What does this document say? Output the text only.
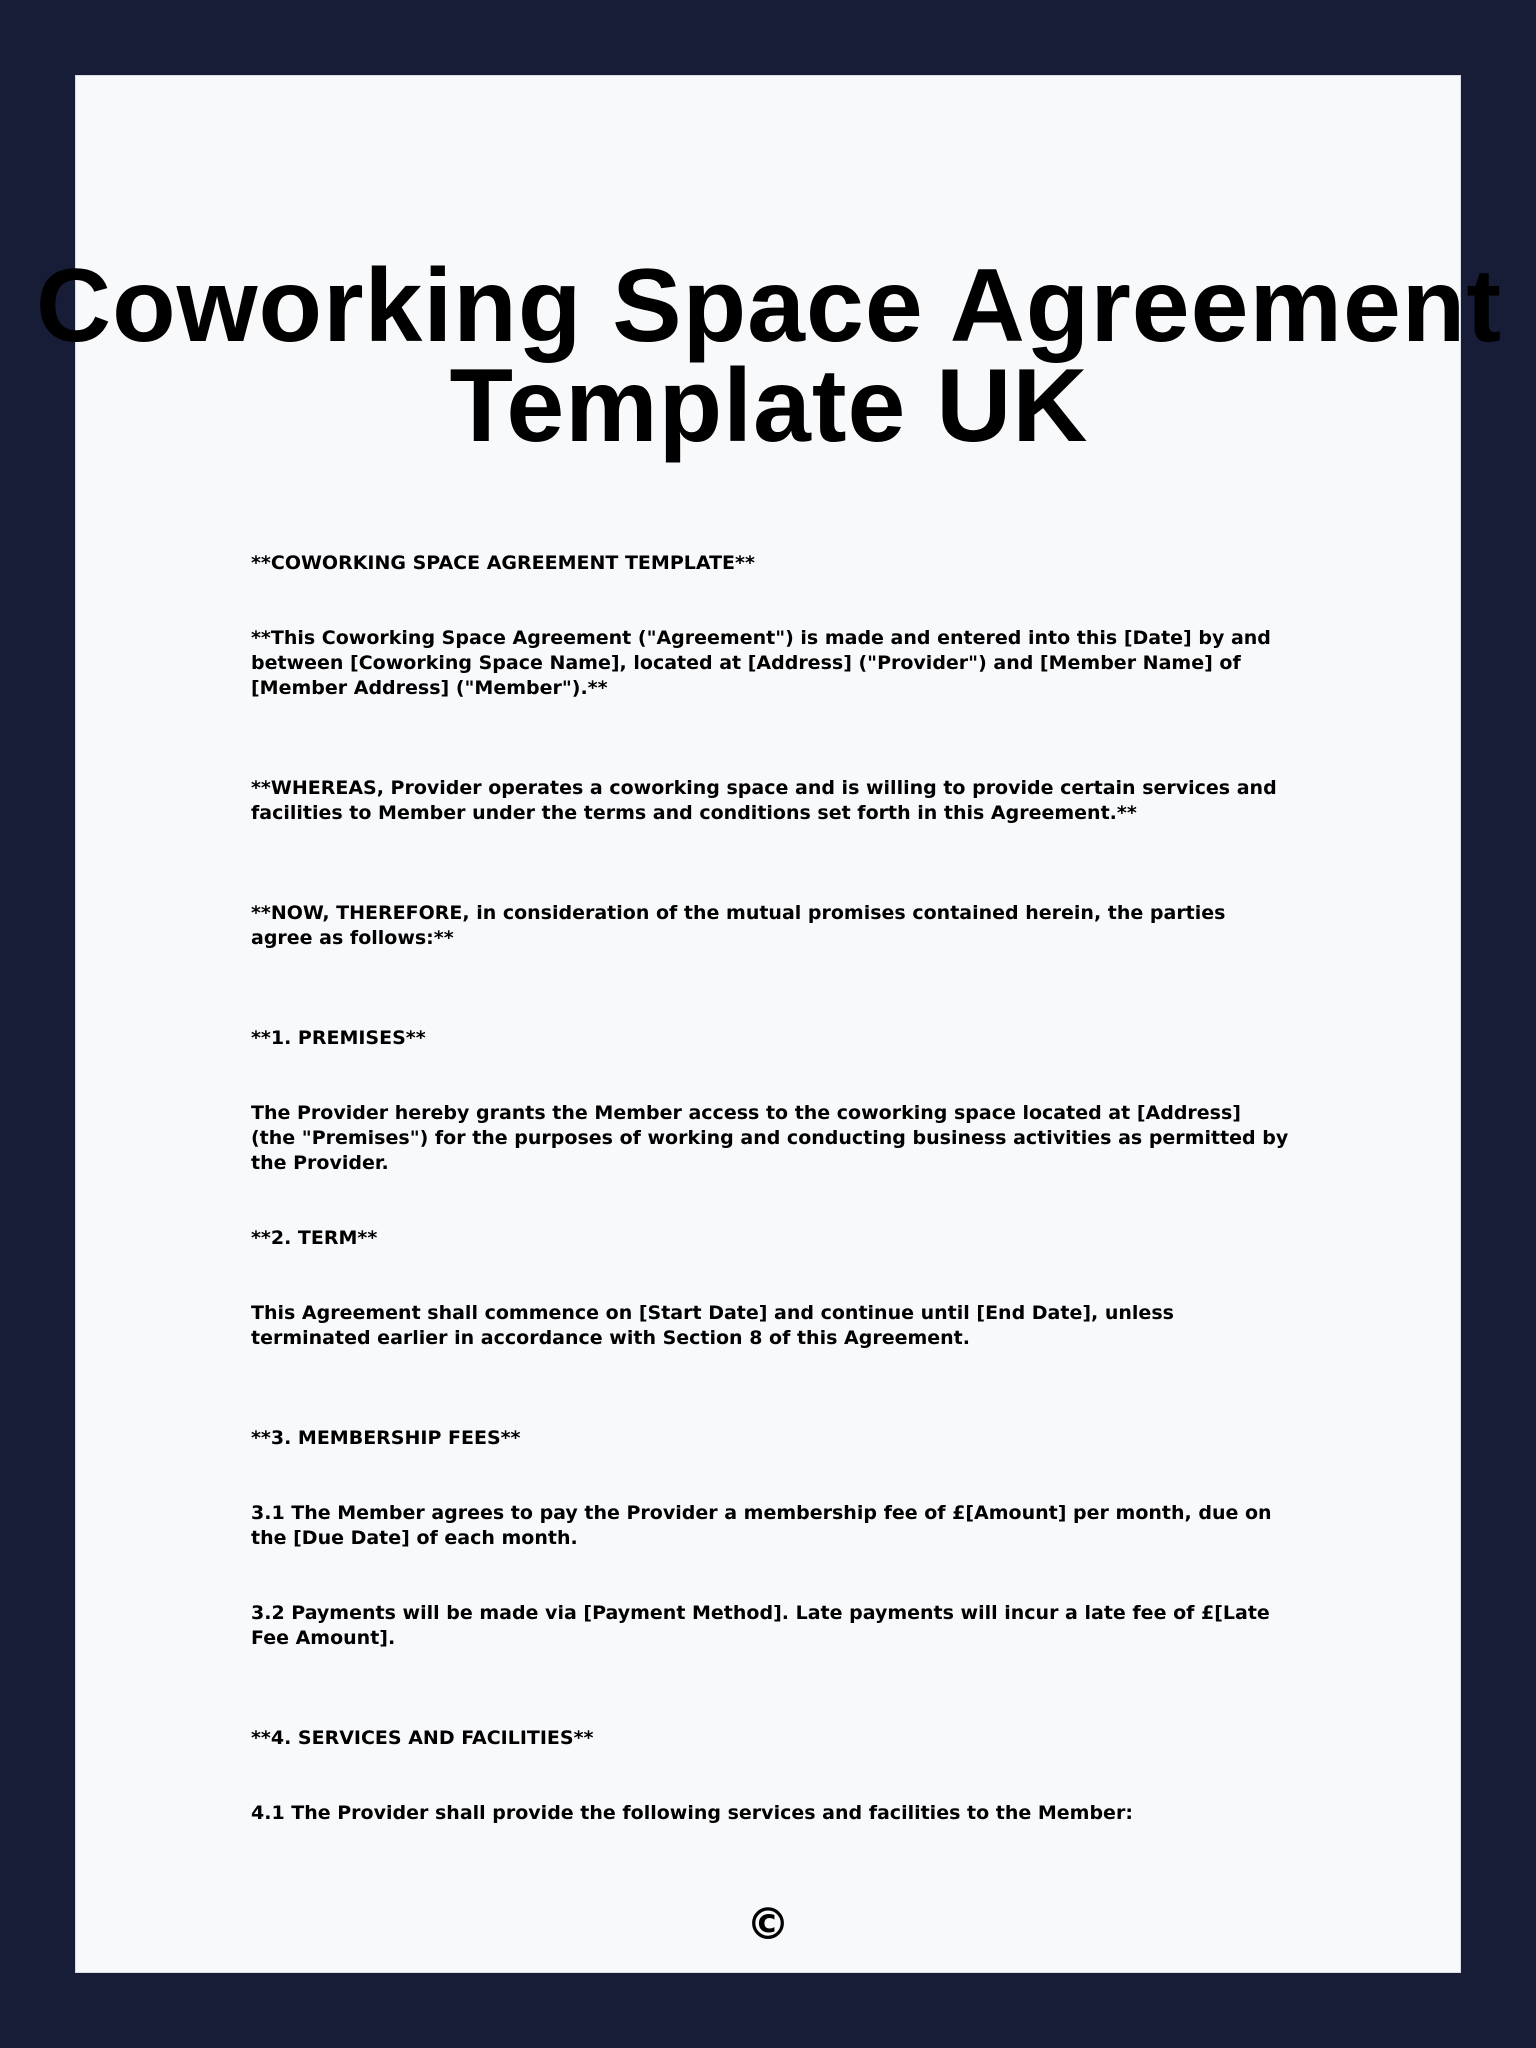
Coworking Space Agreement Template UK

**COWORKING SPACE AGREEMENT TEMPLATE**

**This Coworking Space Agreement ("Agreement") is made and entered into this [Date] by and between [Coworking Space Name], located at [Address] ("Provider") and [Member Name] of [Member Address] ("Member").**

**WHEREAS, Provider operates a coworking space and is willing to provide certain services and facilities to Member under the terms and conditions set forth in this Agreement.**

**NOW, THEREFORE, in consideration of the mutual promises contained herein, the parties agree as follows:**

**1. PREMISES**

The Provider hereby grants the Member access to the coworking space located at [Address] (the "Premises") for the purposes of working and conducting business activities as permitted by the Provider.

**2. TERM**

This Agreement shall commence on [Start Date] and continue until [End Date], unless terminated earlier in accordance with Section 8 of this Agreement.

**3. MEMBERSHIP FEES**

3.1 The Member agrees to pay the Provider a membership fee of £[Amount] per month, due on the [Due Date] of each month.

3.2 Payments will be made via [Payment Method]. Late payments will incur a late fee of £[Late Fee Amount].

**4. SERVICES AND FACILITIES**

4.1 The Provider shall provide the following services and facilities to the Member:

©
